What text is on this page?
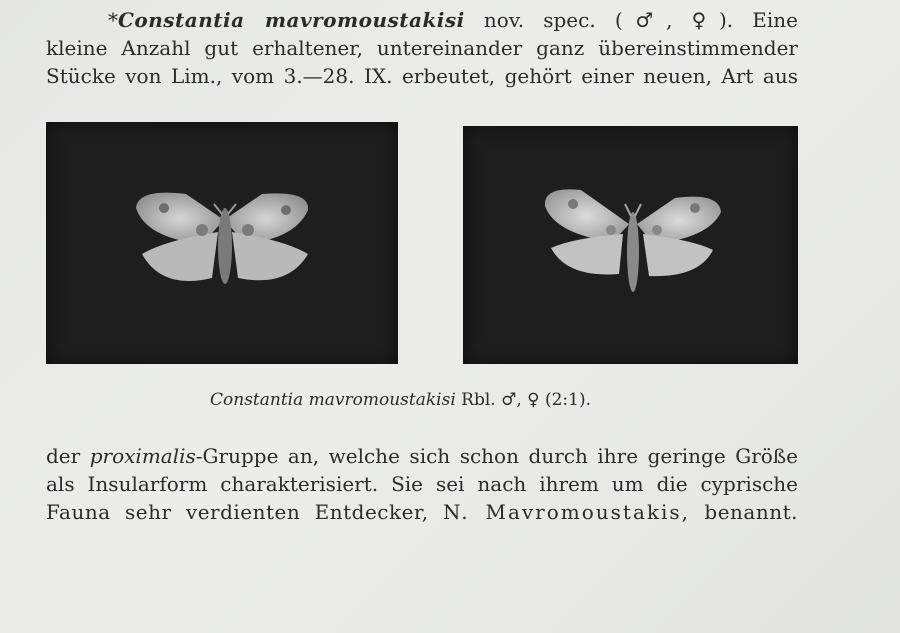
*Constantia mavromoustakisi nov. spec. (♂, ♀). Eine
kleine Anzahl gut erhaltener, untereinander ganz übereinstimmender
Stücke von Lim., vom 3.—28. IX. erbeutet, gehört einer neuen, Art aus
Constantia mavromoustakisi Rbl. ♂, ♀ (2:1).
der proximalis-Gruppe an, welche sich schon durch ihre geringe Größe
als Insularform charakterisiert. Sie sei nach ihrem um die cyprische
Fauna sehr verdienten Entdecker, N. Mavromoustakis, benannt.
